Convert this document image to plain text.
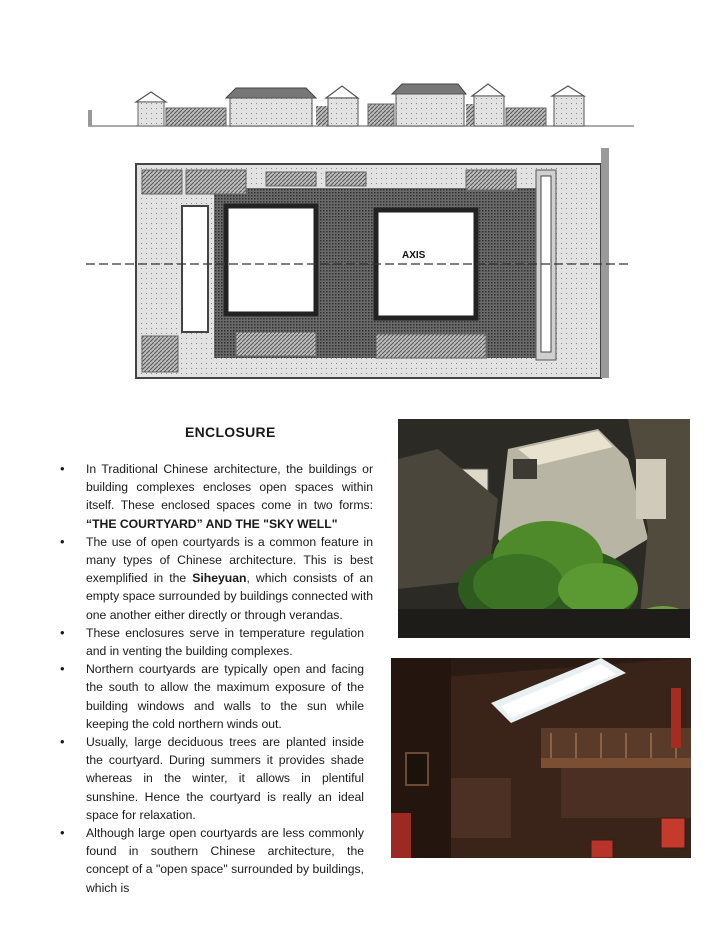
AXIS
ENCLOSURE
• In Traditional Chinese architecture, the buildings or building complexes encloses open spaces within itself. These enclosed spaces come in two forms: “THE COURTYARD” AND THE "SKY WELL"
• The use of open courtyards is a common feature in many types of Chinese architecture. This is best exemplified in the Siheyuan, which consists of an empty space surrounded by buildings connected with one another either directly or through verandas.
• These enclosures serve in temperature regulation and in venting the building complexes.
• Northern courtyards are typically open and facing the south to allow the maximum exposure of the building windows and walls to the sun while keeping the cold northern winds out.
• Usually, large deciduous trees are planted inside the courtyard. During summers it provides shade whereas in the winter, it allows in plentiful sunshine. Hence the courtyard is really an ideal space for relaxation.
• Although large open courtyards are less commonly found in southern Chinese architecture, the concept of a "open space" surrounded by buildings, which is
